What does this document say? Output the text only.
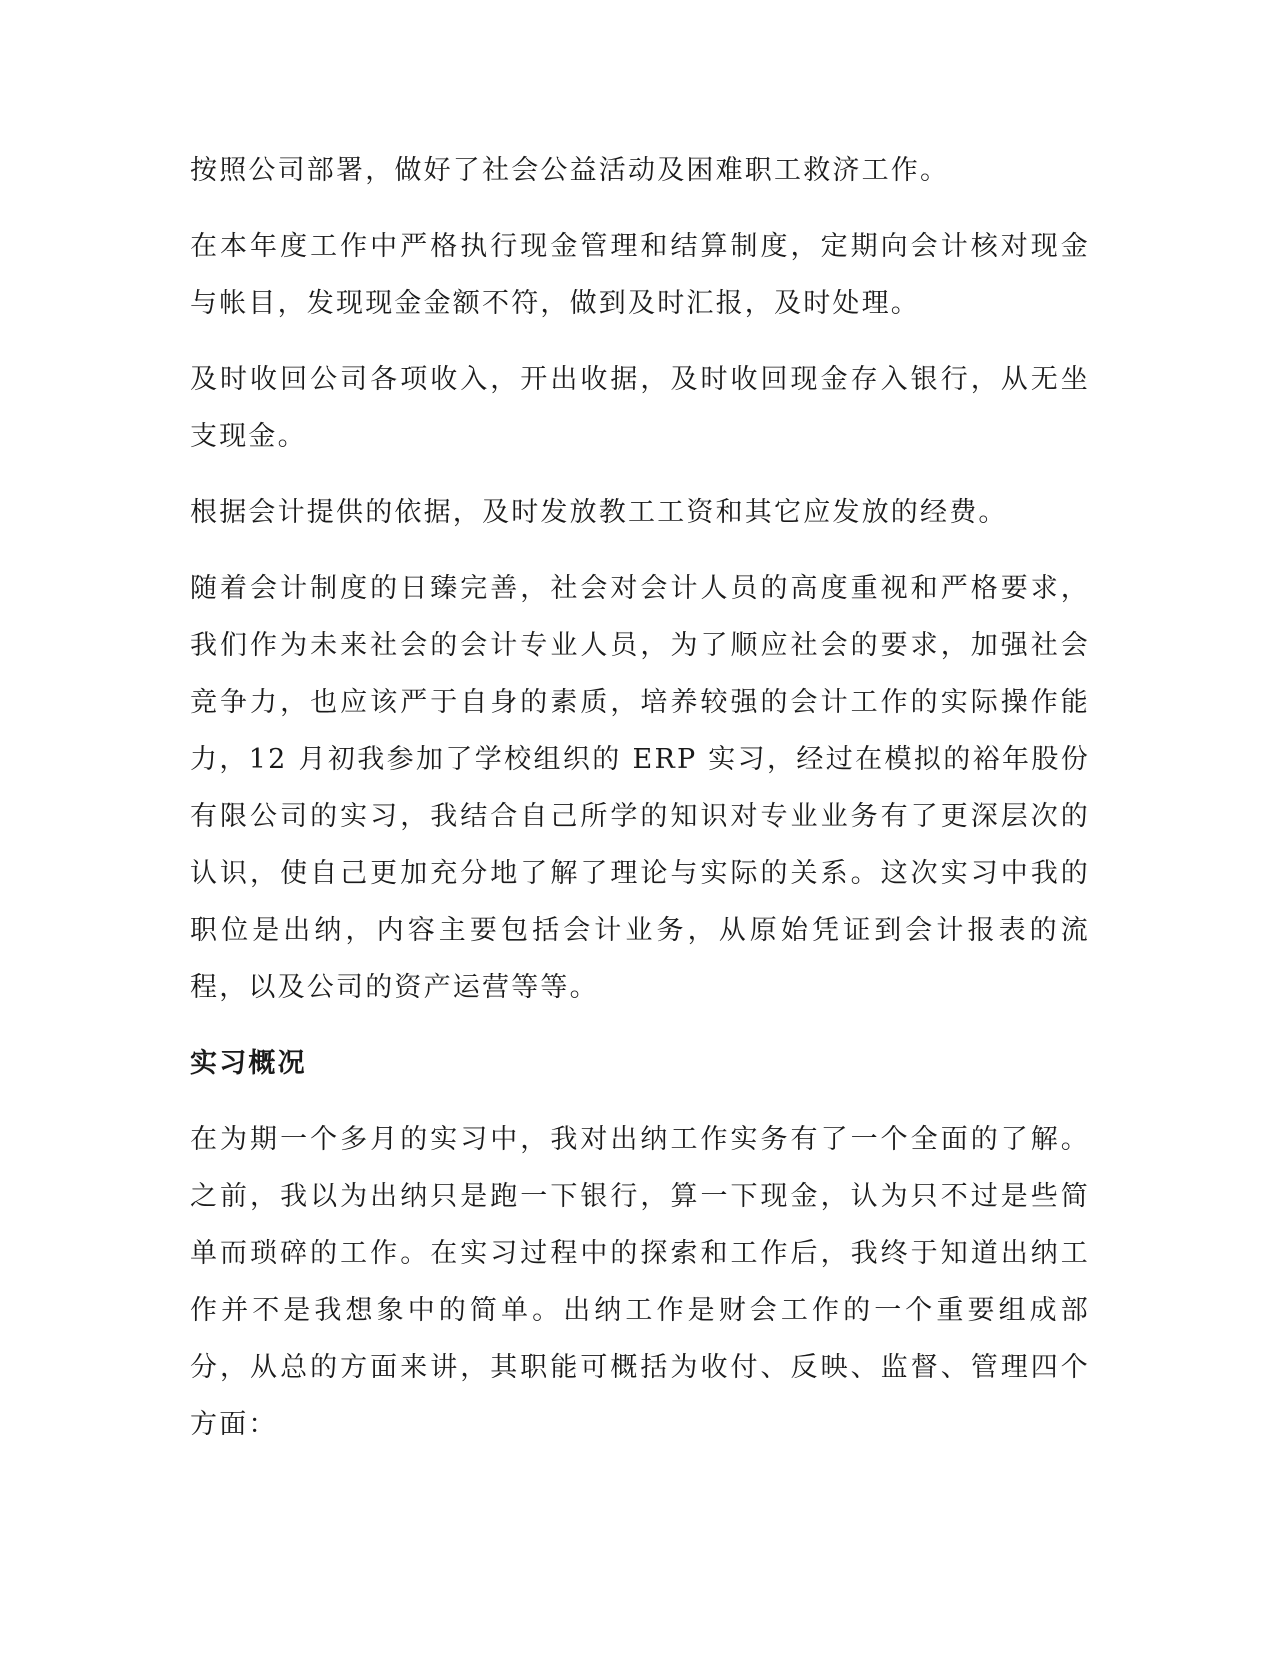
按照公司部署，做好了社会公益活动及困难职工救济工作。

在本年度工作中严格执行现金管理和结算制度，定期向会计核对现金与帐目，发现现金金额不符，做到及时汇报，及时处理。

及时收回公司各项收入，开出收据，及时收回现金存入银行，从无坐支现金。

根据会计提供的依据，及时发放教工工资和其它应发放的经费。

随着会计制度的日臻完善，社会对会计人员的高度重视和严格要求，我们作为未来社会的会计专业人员，为了顺应社会的要求，加强社会竞争力，也应该严于自身的素质，培养较强的会计工作的实际操作能力，12 月初我参加了学校组织的 ERP 实习，经过在模拟的裕年股份有限公司的实习，我结合自己所学的知识对专业业务有了更深层次的认识，使自己更加充分地了解了理论与实际的关系。这次实习中我的职位是出纳，内容主要包括会计业务，从原始凭证到会计报表的流程，以及公司的资产运营等等。

实习概况

在为期一个多月的实习中，我对出纳工作实务有了一个全面的了解。之前，我以为出纳只是跑一下银行，算一下现金，认为只不过是些简单而琐碎的工作。在实习过程中的探索和工作后，我终于知道出纳工作并不是我想象中的简单。出纳工作是财会工作的一个重要组成部分，从总的方面来讲，其职能可概括为收付、反映、监督、管理四个方面：
